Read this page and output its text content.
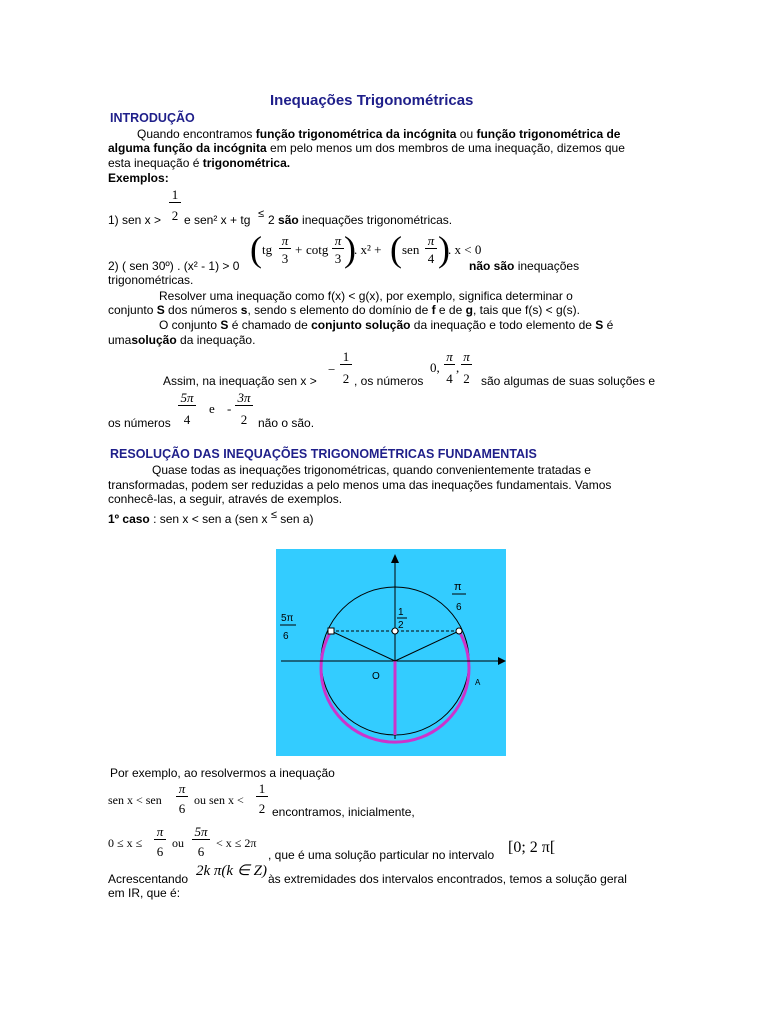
Inequações Trigonométricas
INTRODUÇÃO
Quando encontramos função trigonométrica da incógnita ou função trigonométrica de
alguma função da incógnita em pelo menos um dos membros de uma inequação, dizemos que
esta inequação é trigonométrica.
Exemplos:
1) sen x >
1
2 e sen² x + tg ≤ 2 são inequações trigonométricas.
2) ( sen 30º) . (x² - 1) > 0 ( tg
π
3
+ cotg
π
3 )
. x² + ( sen
π
4 )
. x < 0
não são inequações
trigonométricas.
Resolver uma inequação como f(x) < g(x), por exemplo, significa determinar o
conjunto S dos números s, sendo s elemento do domínio de f e de g, tais que f(s) < g(s).
O conjunto S é chamado de conjunto solução da inequação e todo elemento de S é
umasolução da inequação.
Assim, na inequação sen x >
−
1
2 , os números
0,
π
4
,
π
2 são algumas de suas soluções e
os números
5π
4
e -
3π
2 não o são.
RESOLUÇÃO DAS INEQUAÇÕES TRIGONOMÉTRICAS FUNDAMENTAIS
Quase todas as inequações trigonométricas, quando convenientemente tratadas e
transformadas, podem ser reduzidas a pelo menos uma das inequações fundamentais. Vamos
conhecê-las, a seguir, através de exemplos.
1º caso : sen x < sen a (sen x ≤ sen a)
π
6
5π
6
1
2
O
A
Por exemplo, ao resolvermos a inequação
sen x < sen
π
6
ou sen x <
1
2 encontramos, inicialmente,
0 ≤ x ≤
π
6
ou
5π
6
< x ≤ 2π
, que é uma solução particular no intervalo [0; 2 π[
Acrescentando 2k π(k ∈ Z) às extremidades dos intervalos encontrados, temos a solução geral
em IR, que é:
